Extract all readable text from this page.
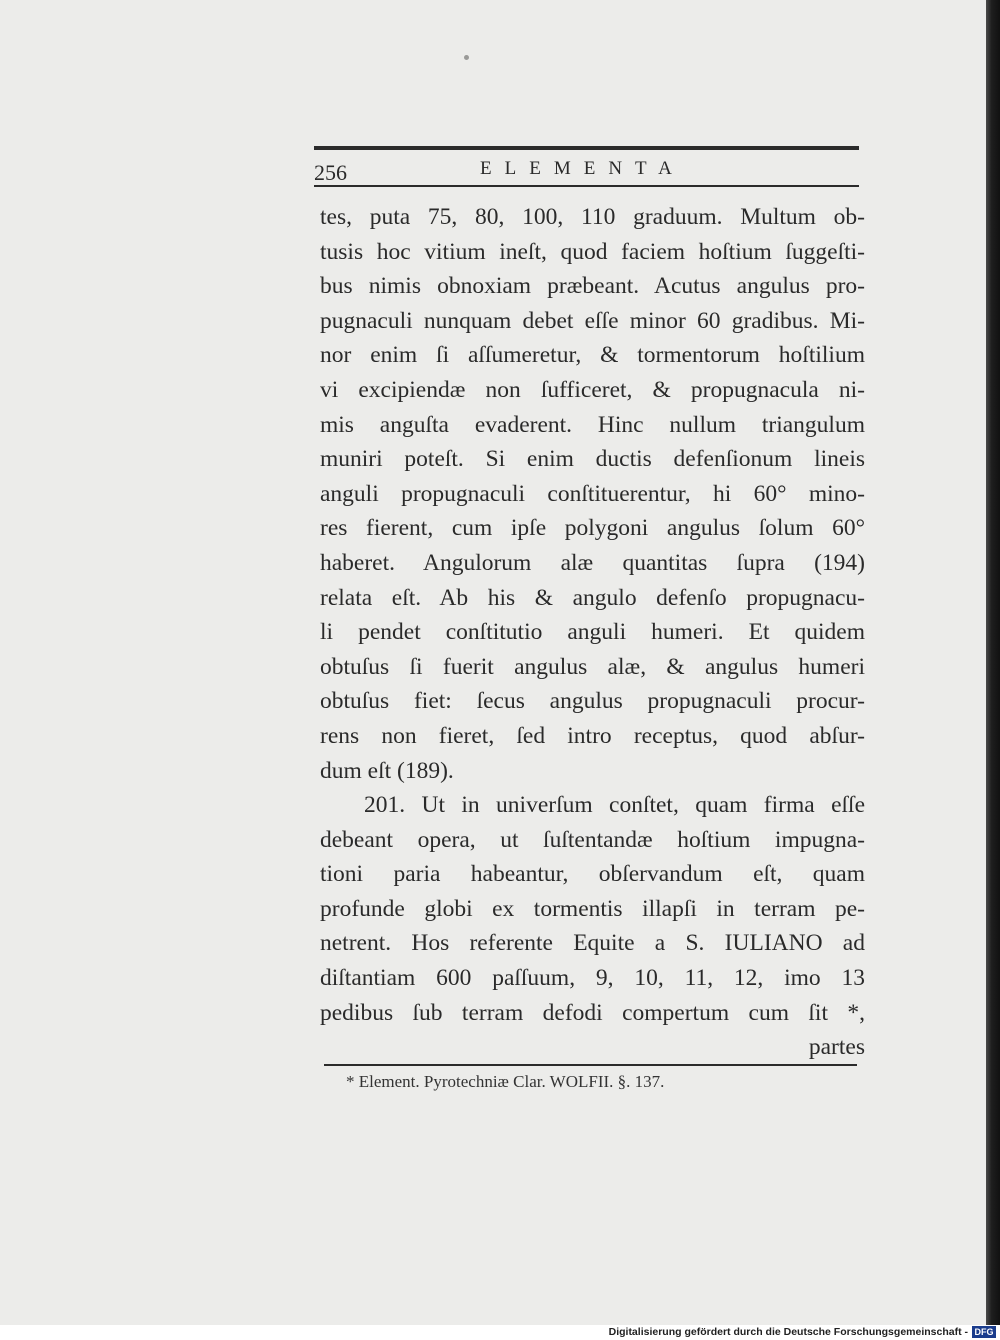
256	ELEMENTA
tes, puta 75, 80, 100, 110 graduum. Multum ob-
tusis hoc vitium ineſt, quod faciem hoſtium ſuggeſti-
bus nimis obnoxiam præbeant. Acutus angulus pro-
pugnaculi nunquam debet eſſe minor 60 gradibus. Mi-
nor enim ſi aſſumeretur, & tormentorum hoſtilium
vi excipiendæ non ſufficeret, & propugnacula ni-
mis anguſta evaderent. Hinc nullum triangulum
muniri poteſt. Si enim ductis defenſionum lineis
anguli propugnaculi conſtituerentur, hi 60° mino-
res fierent, cum ipſe polygoni angulus ſolum 60°
haberet. Angulorum alæ quantitas ſupra (194)
relata eſt. Ab his & angulo defenſo propugnacu-
li pendet conſtitutio anguli humeri. Et quidem
obtuſus ſi fuerit angulus alæ, & angulus humeri
obtuſus fiet: ſecus angulus propugnaculi procur-
rens non fieret, ſed intro receptus, quod abſur-
dum eſt (189).
201. Ut in univerſum conſtet, quam firma eſſe
debeant opera, ut ſuſtentandæ hoſtium impugna-
tioni paria habeantur, obſervandum eſt, quam
profunde globi ex tormentis illapſi in terram pe-
netrent. Hos referente Equite a S. IULIANO ad
diſtantiam 600 paſſuum, 9, 10, 11, 12, imo 13
pedibus ſub terram defodi compertum cum ſit *,
partes
* Element. Pyrotechniæ Clar. WOLFII. §. 137.
Digitalisierung gefördert durch die Deutsche Forschungsgemeinschaft - DFG
